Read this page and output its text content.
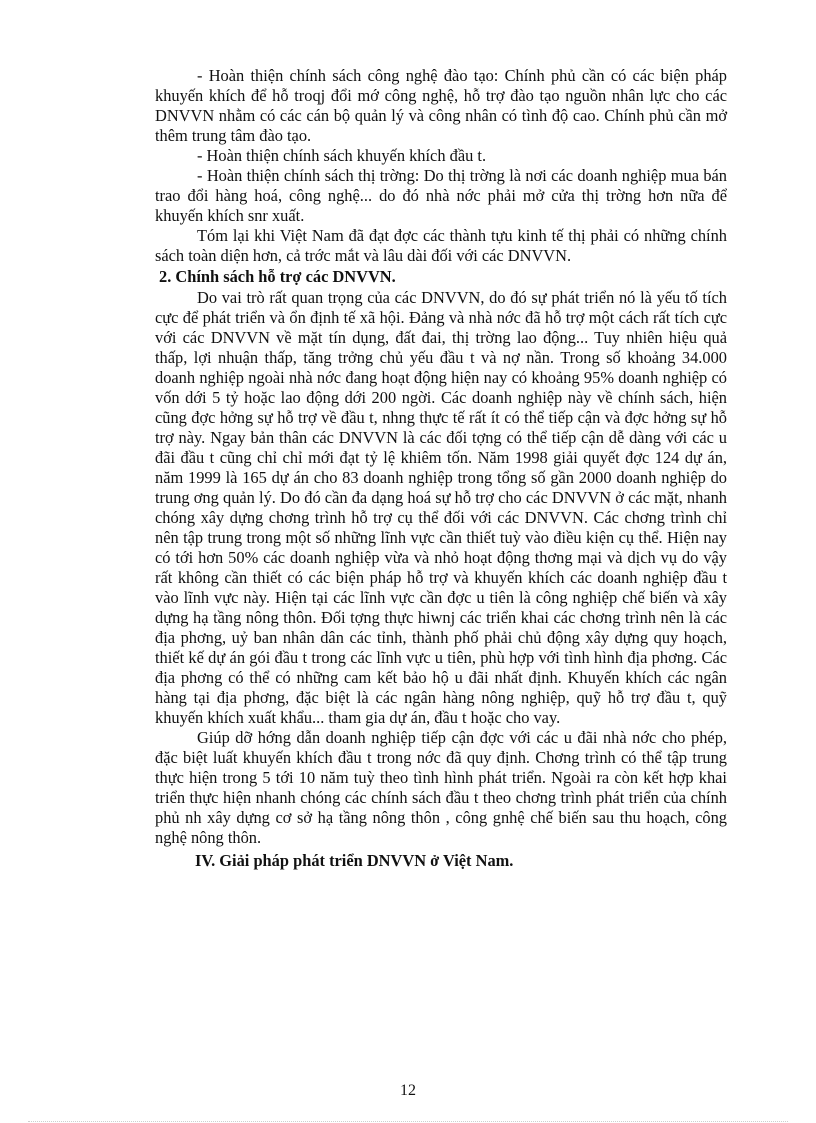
- Hoàn thiện chính sách công nghệ đào tạo: Chính phủ cần có các biện pháp khuyến khích để hỗ troqj đổi mớ công nghệ, hỗ trợ đào tạo nguồn nhân lực cho các DNVVN nhằm có các cán bộ quản lý và công nhân có tình độ cao. Chính phủ cần mở thêm trung tâm đào tạo.

- Hoàn thiện chính sách khuyến khích đầu t.

- Hoàn thiện chính sách thị trờng: Do thị trờng là nơi các doanh nghiệp mua bán trao đổi hàng hoá, công nghệ... do đó nhà nớc phải mở cửa thị trờng hơn nữa để khuyến khích snr xuất.

Tóm lại khi Việt Nam đã đạt đợc các thành tựu kinh tế thị phải có những chính sách toàn diện hơn, cả trớc mắt và lâu dài đối với các DNVVN.

2. Chính sách hỗ trợ các DNVVN.

Do vai trò rất quan trọng của các DNVVN, do đó sự phát triển nó là yếu tố tích cực để phát triển và ổn định tế xã hội. Đảng và nhà nớc đã hỗ trợ một cách rất tích cực với các DNVVN về mặt tín dụng, đất đai, thị trờng lao động... Tuy nhiên hiệu quả thấp, lợi nhuận thấp, tăng trởng chủ yếu đầu t và nợ nần. Trong số khoảng 34.000 doanh nghiệp ngoài nhà nớc đang hoạt động hiện nay có khoảng 95% doanh nghiệp có vốn dới 5 tỷ hoặc lao động dới 200 ngời. Các doanh nghiệp này về chính sách, hiện cũng đợc hởng sự hỗ trợ về đầu t, nhng thực tế rất ít có thể tiếp cận và đợc hởng sự hỗ trợ này. Ngay bản thân các DNVVN là các đối tợng có thể tiếp cận dễ dàng với các u đãi đầu t cũng chỉ chỉ mới đạt tỷ lệ khiêm tốn. Năm 1998 giải quyết đợc 124 dự án, năm 1999 là 165 dự án cho 83 doanh nghiệp trong tổng số gần 2000 doanh nghiệp do trung ơng quản lý. Do đó cần đa dạng hoá sự hỗ trợ cho các DNVVN ở các mặt, nhanh chóng xây dựng chơng trình hỗ trợ cụ thể đối với các DNVVN. Các chơng trình chỉ nên tập trung trong một số những lĩnh vực cần thiết tuỳ vào điều kiện cụ thể. Hiện nay có tới hơn 50% các doanh nghiệp vừa và nhỏ hoạt động thơng mại và dịch vụ do vậy rất không cần thiết có các biện pháp hỗ trợ và khuyến khích các doanh nghiệp đầu t vào lĩnh vực này. Hiện tại các lĩnh vực cần đợc u tiên là công nghiệp chế biến và xây dựng hạ tầng nông thôn. Đối tợng thực hiwnj các triển khai các chơng trình nên là các địa phơng, uỷ ban nhân dân các tỉnh, thành phố phải chủ động xây dựng quy hoạch, thiết kế dự án gói đầu t trong các lĩnh vực u tiên, phù hợp với tình hình địa phơng. Các địa phơng có thể có những cam kết bảo hộ u đãi nhất định. Khuyến khích các ngân hàng tại địa phơng, đặc biệt là các ngân hàng nông nghiệp, quỹ hỗ trợ đầu t, quỹ khuyến khích xuất khẩu... tham gia dự án, đầu t hoặc cho vay.

Giúp dỡ hớng dẫn doanh nghiệp tiếp cận đợc với các u đãi nhà nớc cho phép, đặc biệt luất khuyến khích đầu t trong nớc đã quy định. Chơng trình có thể tập trung thực hiện trong 5 tới 10 năm tuỳ theo tình hình phát triển. Ngoài ra còn kết hợp khai triển thực hiện nhanh chóng các chính sách đầu t theo chơng trình phát triển của chính phủ nh xây dựng cơ sở hạ tầng nông thôn , công gnhệ chế biến sau thu hoạch, công nghệ nông thôn.

IV. Giải pháp phát triển DNVVN ở Việt Nam.
12
